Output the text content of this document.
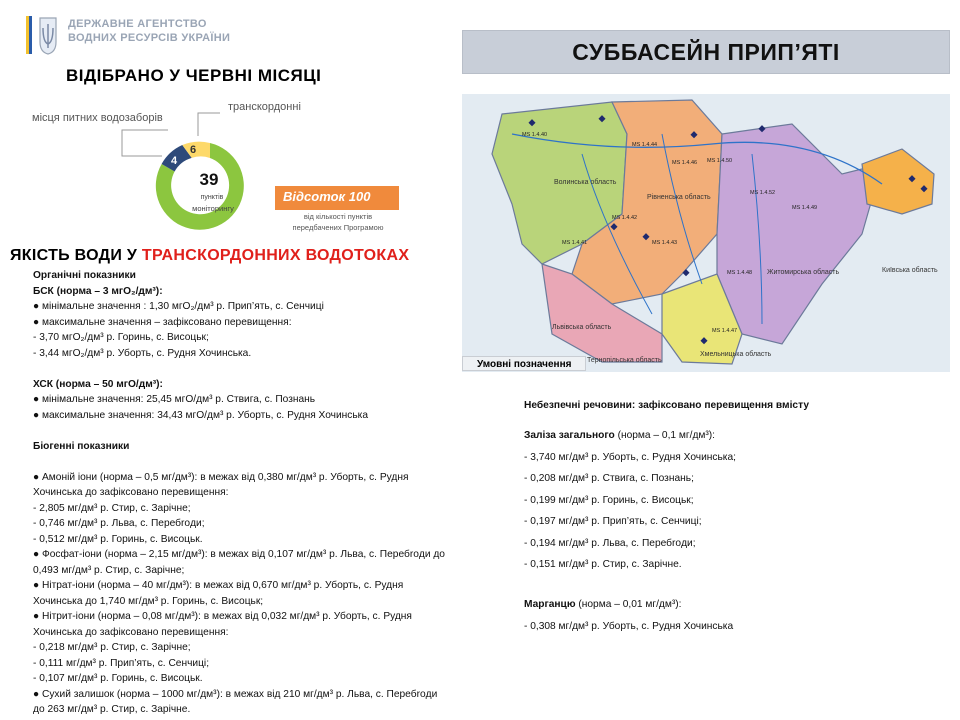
ДЕРЖАВНЕ АГЕНТСТВО
ВОДНИХ РЕСУРСІВ УКРАЇНИ
СУББАСЕЙН ПРИП’ЯТІ
ВІДІБРАНО У ЧЕРВНІ МІСЯЦІ
39
пунктів
моніторингу
4
6
місця питних водозаборів
транскордонні
Відсоток 100
від кількості пунктів передбачених Програмою
ЯКІСТЬ ВОДИ У ТРАНСКОРДОННИХ ВОДОТОКАХ
Органічні показники
БСК (норма – 3 мгО₂/дм³):
● мінімальне значення : 1,30 мгО₂/дм³ р. Прип’ять, с. Сенчиці
● максимальне значення – зафіксовано перевищення:
- 3,70 мгО₂/дм³ р. Горинь, с. Висоцьк;
- 3,44 мгО₂/дм³ р. Уборть, с. Рудня Хочинська.
ХСК (норма – 50 мгО/дм³):
● мінімальне значення: 25,45 мгО/дм³ р. Ствига, с. Познань
● максимальне значення: 34,43 мгО/дм³ р. Уборть, с. Рудня Хочинська
Біогенні показники
● Амоній іони (норма – 0,5 мг/дм³): в межах від 0,380 мг/дм³ р. Уборть, с. Рудня
Хочинська до зафіксовано перевищення:
- 2,805 мг/дм³ р. Стир, с. Зарічне;
- 0,746 мг/дм³ р. Льва, с. Перебroди;
- 0,512 мг/дм³ р. Горинь, с. Висоцьк.
● Фосфат-іони (норма – 2,15 мг/дм³): в межах від 0,107 мг/дм³ р. Льва, с. Перебroди до
0,493 мг/дм³ р. Стир, с. Зарічне;
● Нітрат-іони (норма – 40 мг/дм³): в межах від 0,670 мг/дм³ р. Уборть, с. Рудня
Хочинська до 1,740 мг/дм³ р. Горинь, с. Висоцьк;
● Нітрит-іони (норма – 0,08 мг/дм³): в межах від 0,032 мг/дм³ р. Уборть, с. Рудня
Хочинська до зафіксовано перевищення:
- 0,218 мг/дм³ р. Стир, с. Зарічне;
- 0,111 мг/дм³ р. Прип’ять, с. Сенчиці;
- 0,107 мг/дм³ р. Горинь, с. Висоцьк.
● Сухий залишок (норма – 1000 мг/дм³): в межах від 210 мг/дм³ р. Льва, с. Перебroди
до 263 мг/дм³ р. Стир, с. Зарічне.
Волинська область
Рівненська область
Житомирська область	Київська область
Львівська область
Тернопільська область
Хмельницька область
MS 1.4.40
MS 1.4.44
MS 1.4.46 MS 1.4.50
MS 1.4.52
MS 1.4.42
MS 1.4.43
MS 1.4.47
MS 1.4.41
MS 1.4.48
MS 1.4.49
Умовні позначення
Небезпечні речовини: зафіксовано перевищення вмісту
Заліза загального (норма – 0,1 мг/дм³):
- 3,740 мг/дм³ р. Уборть, с. Рудня Хочинська;
- 0,208 мг/дм³ р. Ствига, с. Познань;
- 0,199 мг/дм³ р. Горинь, с. Висоцьк;
- 0,197 мг/дм³ р. Прип’ять, с. Сенчиці;
- 0,194 мг/дм³ р. Льва, с. Перебroди;
- 0,151 мг/дм³ р. Стир, с. Зарічне.
Марганцю (норма – 0,01 мг/дм³):
- 0,308 мг/дм³ р. Уборть, с. Рудня Хочинська
